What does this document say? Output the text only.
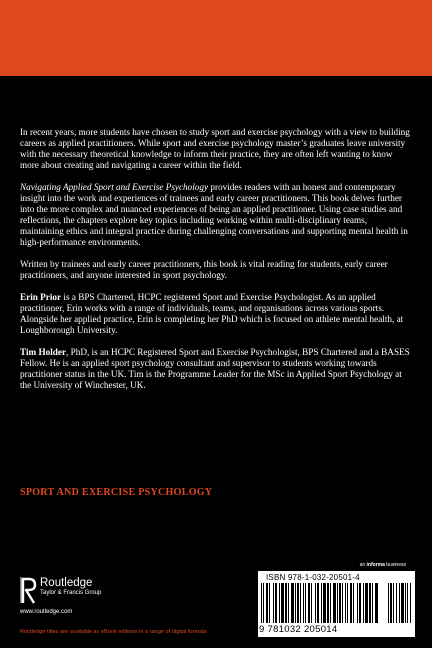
In recent years, more students have chosen to study sport and exercise psychology with a view to building careers as applied practitioners. While sport and exercise psychology master’s graduates leave university with the necessary theoretical knowledge to inform their practice, they are often left wanting to know more about creating and navigating a career within the field.

Navigating Applied Sport and Exercise Psychology provides readers with an honest and contemporary insight into the work and experiences of trainees and early career practitioners. This book delves further into the more complex and nuanced experiences of being an applied practitioner. Using case studies and reflections, the chapters explore key topics including working within multi-disciplinary teams, maintaining ethics and integral practice during challenging conversations and supporting mental health in high-performance environments.

Written by trainees and early career practitioners, this book is vital reading for students, early career practitioners, and anyone interested in sport psychology.

Erin Prior is a BPS Chartered, HCPC registered Sport and Exercise Psychologist. As an applied practitioner, Erin works with a range of individuals, teams, and organisations across various sports. Alongside her applied practice, Erin is completing her PhD which is focused on athlete mental health, at Loughborough University.

Tim Holder, PhD, is an HCPC Registered Sport and Exercise Psychologist, BPS Chartered and a BASES Fellow. He is an applied sport psychology consultant and supervisor to students working towards practitioner status in the UK. Tim is the Programme Leader for the MSc in Applied Sport Psychology at the University of Winchester, UK.

SPORT AND EXERCISE PSYCHOLOGY
an informa business
Routledge
Taylor & Francis Group
www.routledge.com
Routledge titles are available as eBook editions in a range of digital formats
ISBN 978-1-032-20501-4
9 781032 205014
